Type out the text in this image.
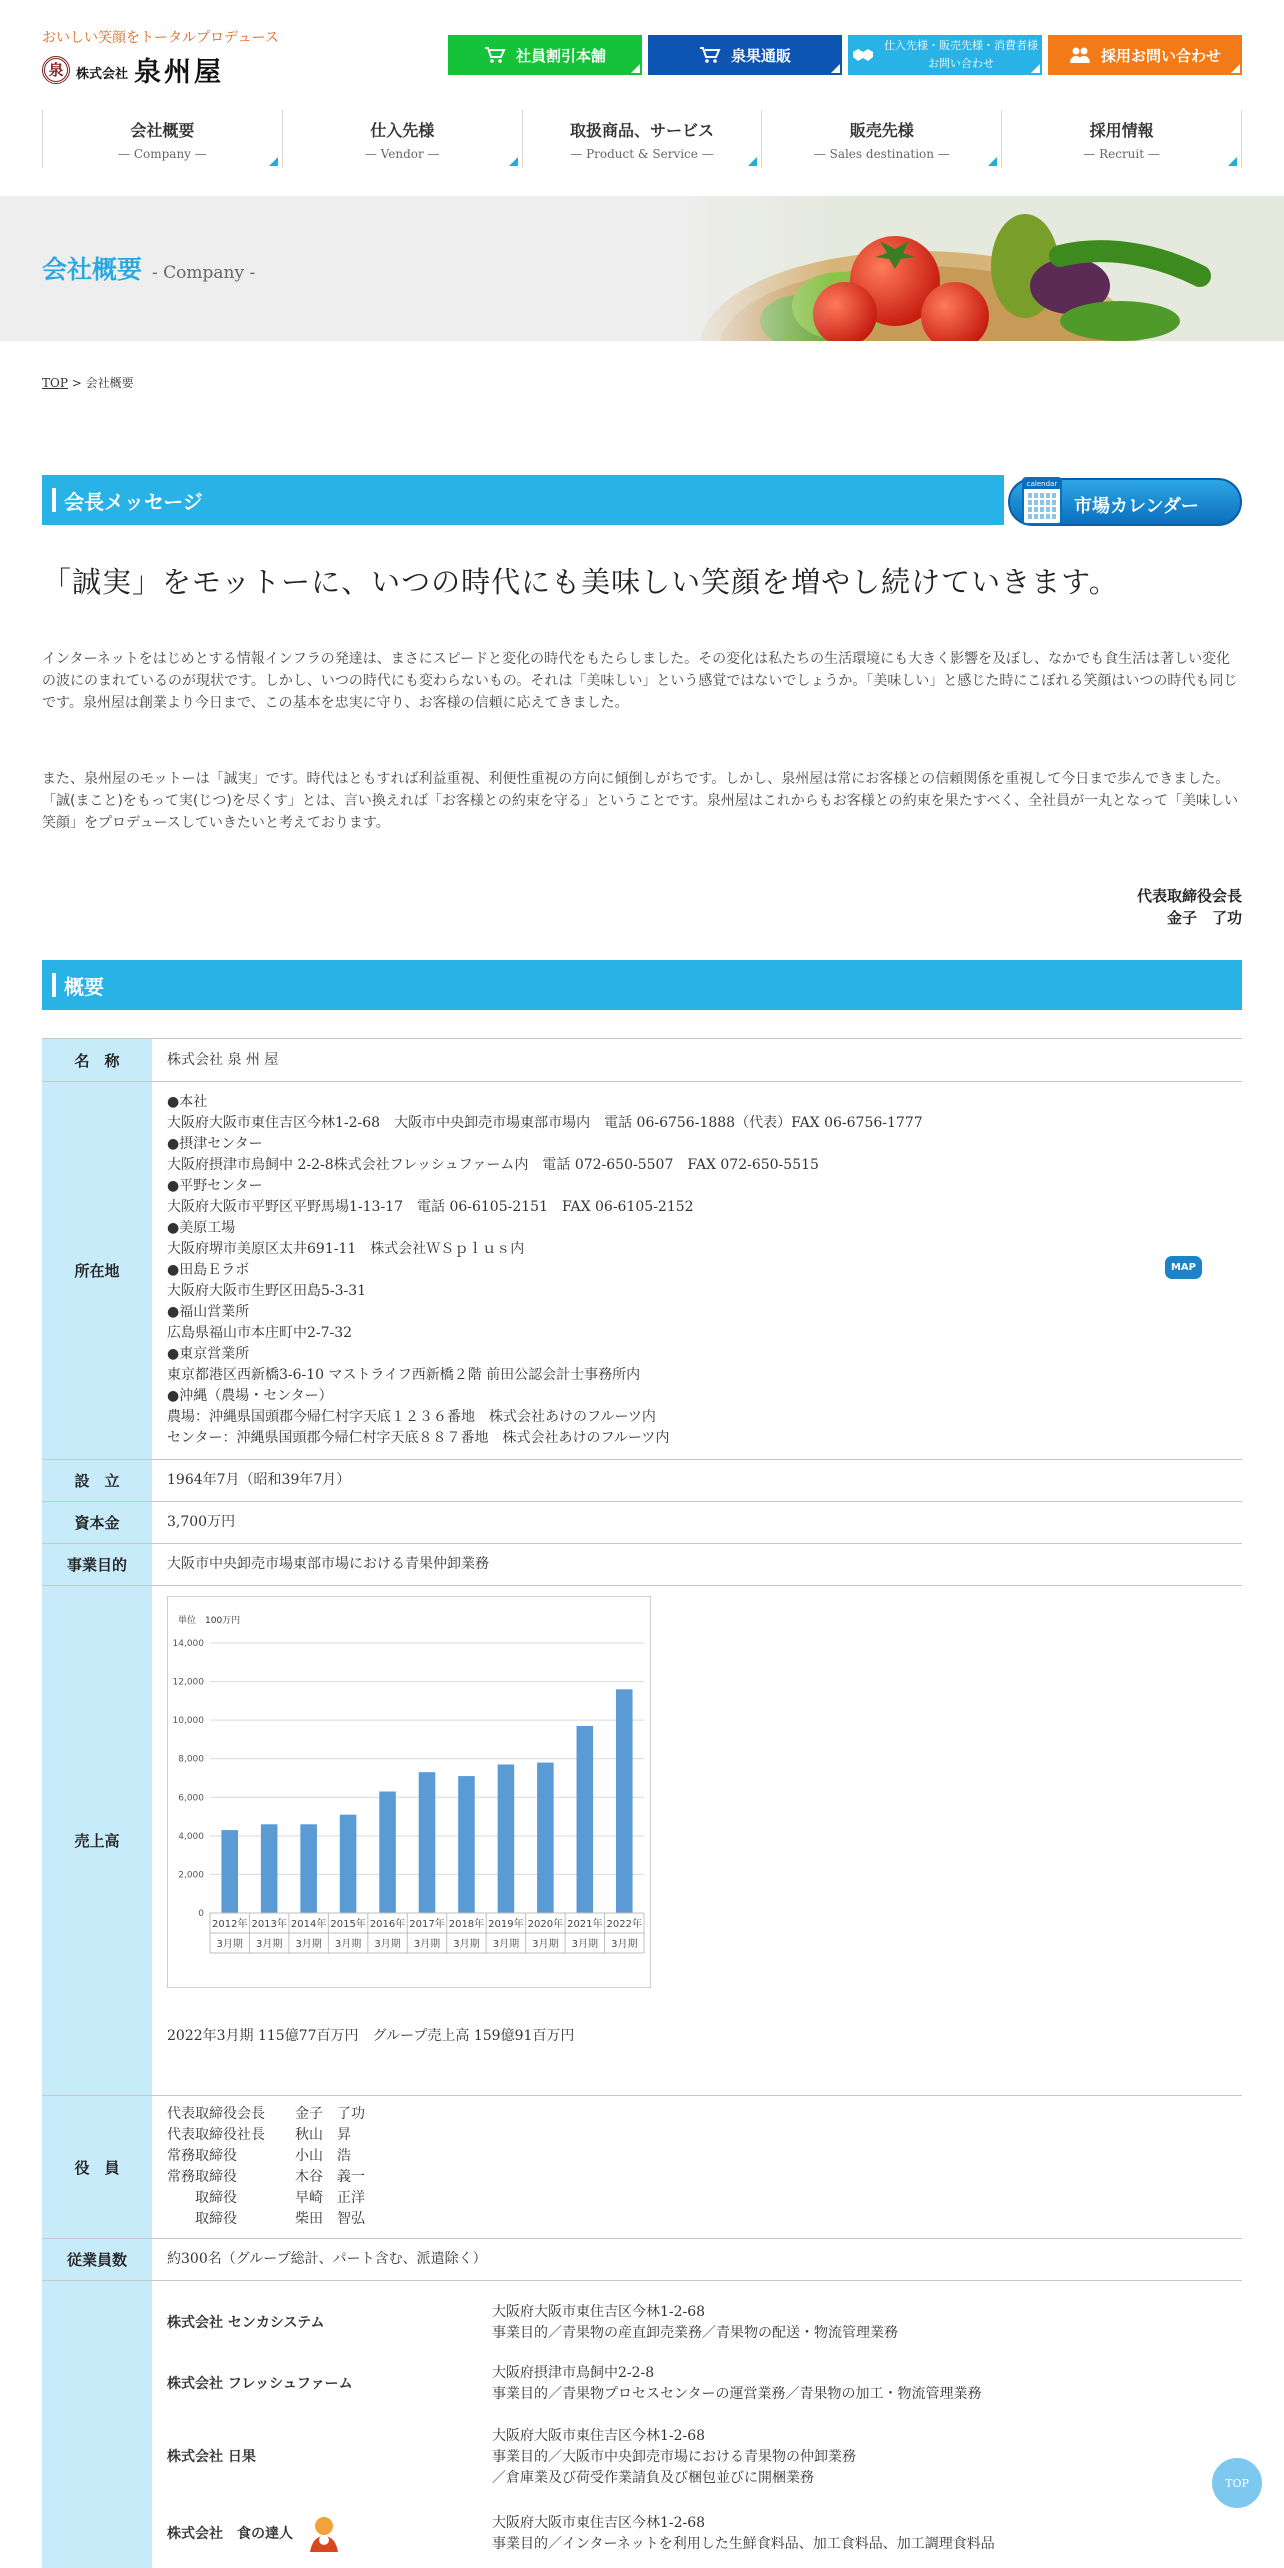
おいしい笑顔をトータルプロデュース
泉 株式会社 泉州屋
社員割引本舗	泉果通販
仕入先様・販売先様・消費者様
お問い合わせ	採用お問い合わせ
会社概要
— Company —
仕入先様
— Vendor —
取扱商品、サービス
— Product & Service —
販売先様
— Sales destination —
採用情報
— Recruit —
会社概要 - Company -
TOP > 会社概要
会長メッセージ
calendar
市場カレンダー
「誠実」をモットーに、いつの時代にも美味しい笑顔を増やし続けていきます。

インターネットをはじめとする情報インフラの発達は、まさにスピードと変化の時代をもたらしました。その変化は私たちの生活環境にも大きく影響を及ぼし、なかでも食生活は著しい変化の波にのまれているのが現状です。しかし、いつの時代にも変わらないもの。それは「美味しい」という感覚ではないでしょうか。「美味しい」と感じた時にこぼれる笑顔はいつの時代も同じです。泉州屋は創業より今日まで、この基本を忠実に守り、お客様の信頼に応えてきました。

また、泉州屋のモットーは「誠実」です。時代はともすれば利益重視、利便性重視の方向に傾倒しがちです。しかし、泉州屋は常にお客様との信頼関係を重視して今日まで歩んできました。「誠(まこと)をもって実(じつ)を尽くす」とは、言い換えれば「お客様との約束を守る」ということです。泉州屋はこれからもお客様との約束を果たすべく、全社員が一丸となって「美味しい笑顔」をプロデュースしていきたいと考えております。

代表取締役会長
金子　了功
概要
名　称	株式会社 泉 州 屋
所在地	
●本社
大阪府大阪市東住吉区今林1-2-68　大阪市中央卸売市場東部市場内　電話 06-6756-1888（代表）FAX 06-6756-1777
●摂津センター
大阪府摂津市鳥飼中 2-2-8株式会社フレッシュファーム内　電話 072-650-5507　FAX 072-650-5515
●平野センター
大阪府大阪市平野区平野馬場1-13-17　電話 06-6105-2151　FAX 06-6105-2152
●美原工場
大阪府堺市美原区太井691-11　株式会社ＷＳｐｌｕｓ内
●田島Ｅラボ
大阪府大阪市生野区田島5-3-31
●福山営業所
広島県福山市本庄町中2-7-32
●東京営業所
東京都港区西新橋3-6-10 マストライフ西新橋２階 前田公認会計士事務所内
●沖縄（農場・センター）
農場：沖縄県国頭郡今帰仁村字天底１２３６番地　株式会社あけのフルーツ内
センター：沖縄県国頭郡今帰仁村字天底８８７番地　株式会社あけのフルーツ内
MAP

設　立	1964年7月（昭和39年7月）
資本金	3,700万円
事業目的	大阪市中央卸売市場東部市場における青果仲卸業務
売上高	
単位　100万円
0
2,000
4,000
6,000
8,000
10,000
12,000
14,000
2012年
3月期
2013年
3月期
2014年
3月期
2015年
3月期
2016年
3月期
2017年
3月期
2018年
3月期
2019年
3月期
2020年
3月期
2021年
3月期
2022年
3月期
2022年3月期 115億77百万円　グループ売上高 159億91百万円

役　員	
代表取締役会長	金子　了功
代表取締役社長	秋山　昇
常務取締役	小山　浩
常務取締役	木谷　義一
　　取締役	早崎　正洋
　　取締役	柴田　智弘

従業員数	約300名（グループ総計、パート含む、派遣除く）

株式会社 センカシステム	
大阪府大阪市東住吉区今林1-2-68
事業目的／青果物の産直卸売業務／青果物の配送・物流管理業務

株式会社 フレッシュファーム	
大阪府摂津市鳥飼中2-2-8
事業目的／青果物プロセスセンターの運営業務／青果物の加工・物流管理業務

株式会社 日果	
大阪府大阪市東住吉区今林1-2-68
事業目的／大阪市中央卸売市場における青果物の仲卸業務
／倉庫業及び荷受作業請負及び梱包並びに開梱業務

株式会社　食の達人	
大阪府大阪市東住吉区今林1-2-68
事業目的／インターネットを利用した生鮮食料品、加工食料品、加工調理食料品
TOP
